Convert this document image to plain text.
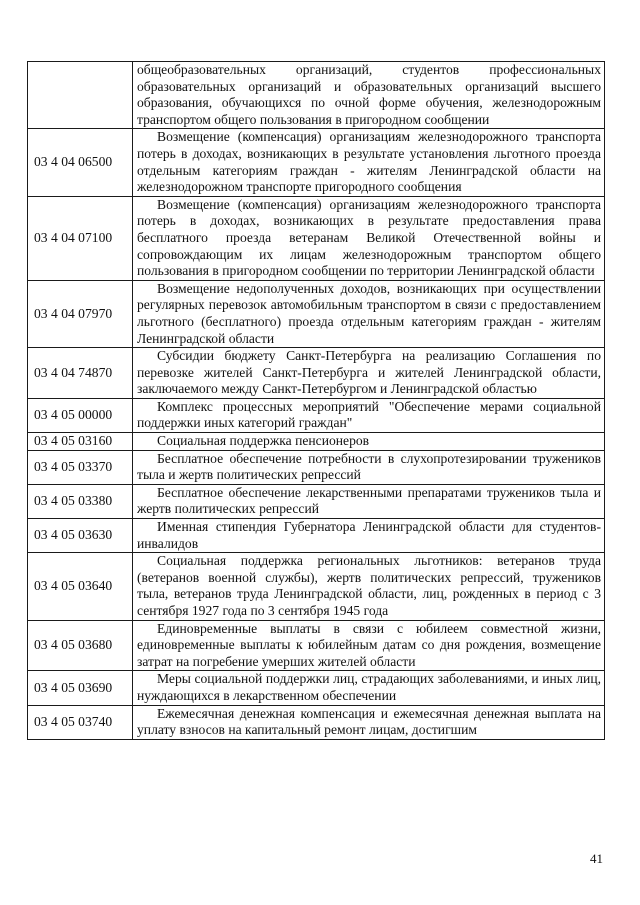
	общеобразовательных организаций, студентов профессиональных образовательных организаций и образовательных организаций высшего образования, обучающихся по очной форме обучения, железнодорожным транспортом общего пользования в пригородном сообщении
03 4 04 06500	Возмещение (компенсация) организациям железнодорожного транспорта потерь в доходах, возникающих в результате установления льготного проезда отдельным категориям граждан - жителям Ленинградской области на железнодорожном транспорте пригородного сообщения
03 4 04 07100	Возмещение (компенсация) организациям железнодорожного транспорта потерь в доходах, возникающих в результате предоставления права бесплатного проезда ветеранам Великой Отечественной войны и сопровождающим их лицам железнодорожным транспортом общего пользования в пригородном сообщении по территории Ленинградской области
03 4 04 07970	Возмещение недополученных доходов, возникающих при осуществлении регулярных перевозок автомобильным транспортом в связи с предоставлением льготного (бесплатного) проезда отдельным категориям граждан - жителям Ленинградской области
03 4 04 74870	Субсидии бюджету Санкт-Петербурга на реализацию Соглашения по перевозке жителей Санкт-Петербурга и жителей Ленинградской области, заключаемого между Санкт-Петербургом и Ленинградской областью
03 4 05 00000	Комплекс процессных мероприятий "Обеспечение мерами социальной поддержки иных категорий граждан"
03 4 05 03160	Социальная поддержка пенсионеров
03 4 05 03370	Бесплатное обеспечение потребности в слухопротезировании тружеников тыла и жертв политических репрессий
03 4 05 03380	Бесплатное обеспечение лекарственными препаратами тружеников тыла и жертв политических репрессий
03 4 05 03630	Именная стипендия Губернатора Ленинградской области для студентов-инвалидов
03 4 05 03640	Социальная поддержка региональных льготников: ветеранов труда (ветеранов военной службы), жертв политических репрессий, тружеников тыла, ветеранов труда Ленинградской области, лиц, рожденных в период с 3 сентября 1927 года по 3 сентября 1945 года
03 4 05 03680	Единовременные выплаты в связи с юбилеем совместной жизни, единовременные выплаты к юбилейным датам со дня рождения, возмещение затрат на погребение умерших жителей области
03 4 05 03690	Меры социальной поддержки лиц, страдающих заболеваниями, и иных лиц, нуждающихся в лекарственном обеспечении
03 4 05 03740	Ежемесячная денежная компенсация и ежемесячная денежная выплата на уплату взносов на капитальный ремонт лицам, достигшим
41
